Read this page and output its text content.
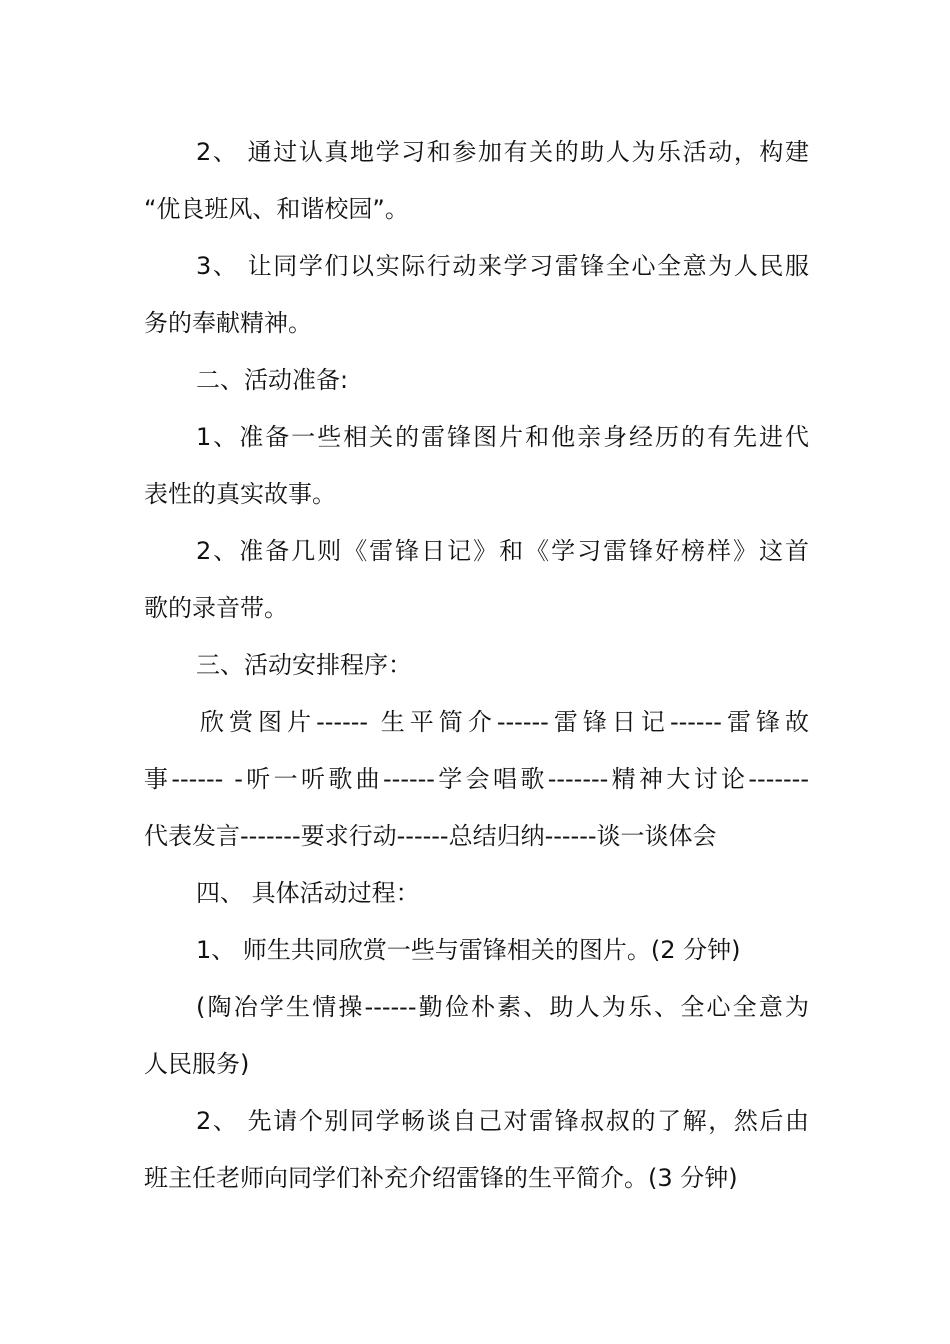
2、 通过认真地学习和参加有关的助人为乐活动，构建
“优良班风、和谐校园”。
3、 让同学们以实际行动来学习雷锋全心全意为人民服
务的奉献精神。
二、活动准备:
1、准备一些相关的雷锋图片和他亲身经历的有先进代
表性的真实故事。
2、准备几则《雷锋日记》和《学习雷锋好榜样》这首
歌的录音带。
三、活动安排程序：
欣赏图片------ 生平简介------雷锋日记------雷锋故
事------ -听一听歌曲------学会唱歌-------精神大讨论-------
代表发言-------要求行动------总结归纳------谈一谈体会
四、 具体活动过程：
1、 师生共同欣赏一些与雷锋相关的图片。(2 分钟)
(陶冶学生情操------勤俭朴素、助人为乐、全心全意为
人民服务)
2、 先请个别同学畅谈自己对雷锋叔叔的了解，然后由
班主任老师向同学们补充介绍雷锋的生平简介。(3 分钟)
